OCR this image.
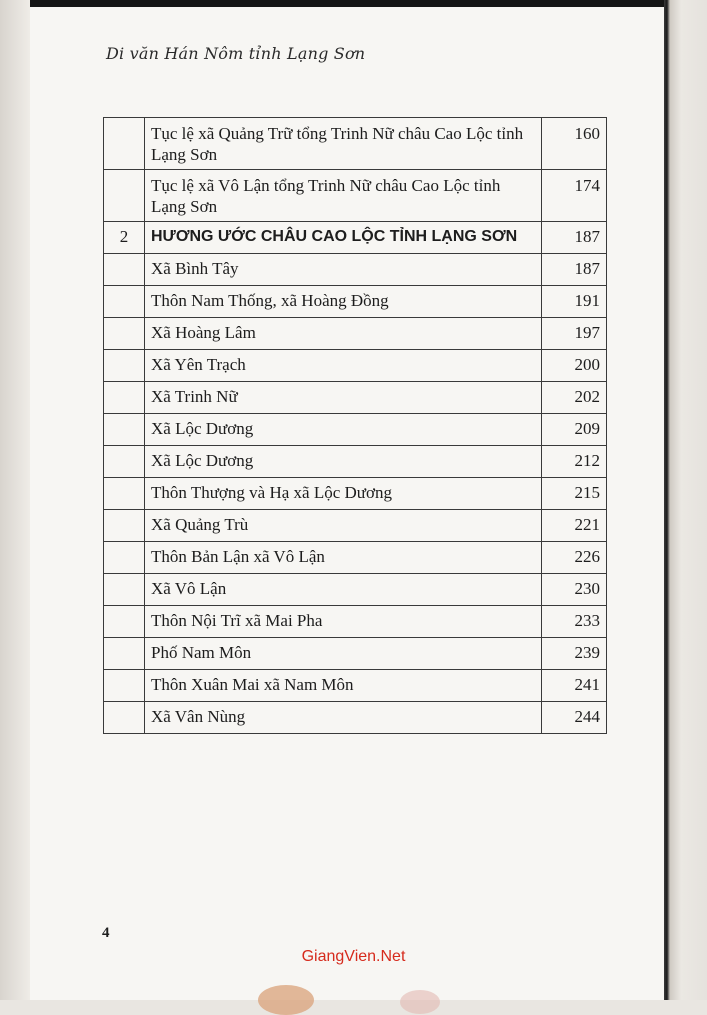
Di văn Hán Nôm tỉnh Lạng Sơn
	Tục lệ xã Quảng Trữ tổng Trinh Nữ châu Cao Lộc tỉnh Lạng Sơn	160
	Tục lệ xã Vô Lận tổng Trinh Nữ châu Cao Lộc tỉnh Lạng Sơn	174
2	HƯƠNG ƯỚC CHÂU CAO LỘC TỈNH LẠNG SƠN	187
	Xã Bình Tây	187
	Thôn Nam Thống, xã Hoàng Đồng	191
	Xã Hoàng Lâm	197
	Xã Yên Trạch	200
	Xã Trinh Nữ	202
	Xã Lộc Dương	209
	Xã Lộc Dương	212
	Thôn Thượng và Hạ xã Lộc Dương	215
	Xã Quảng Trù	221
	Thôn Bản Lận xã Vô Lận	226
	Xã Vô Lận	230
	Thôn Nội Trĩ xã Mai Pha	233
	Phố Nam Môn	239
	Thôn Xuân Mai xã Nam Môn	241
	Xã Vân Nùng	244
4
GiangVien.Net
